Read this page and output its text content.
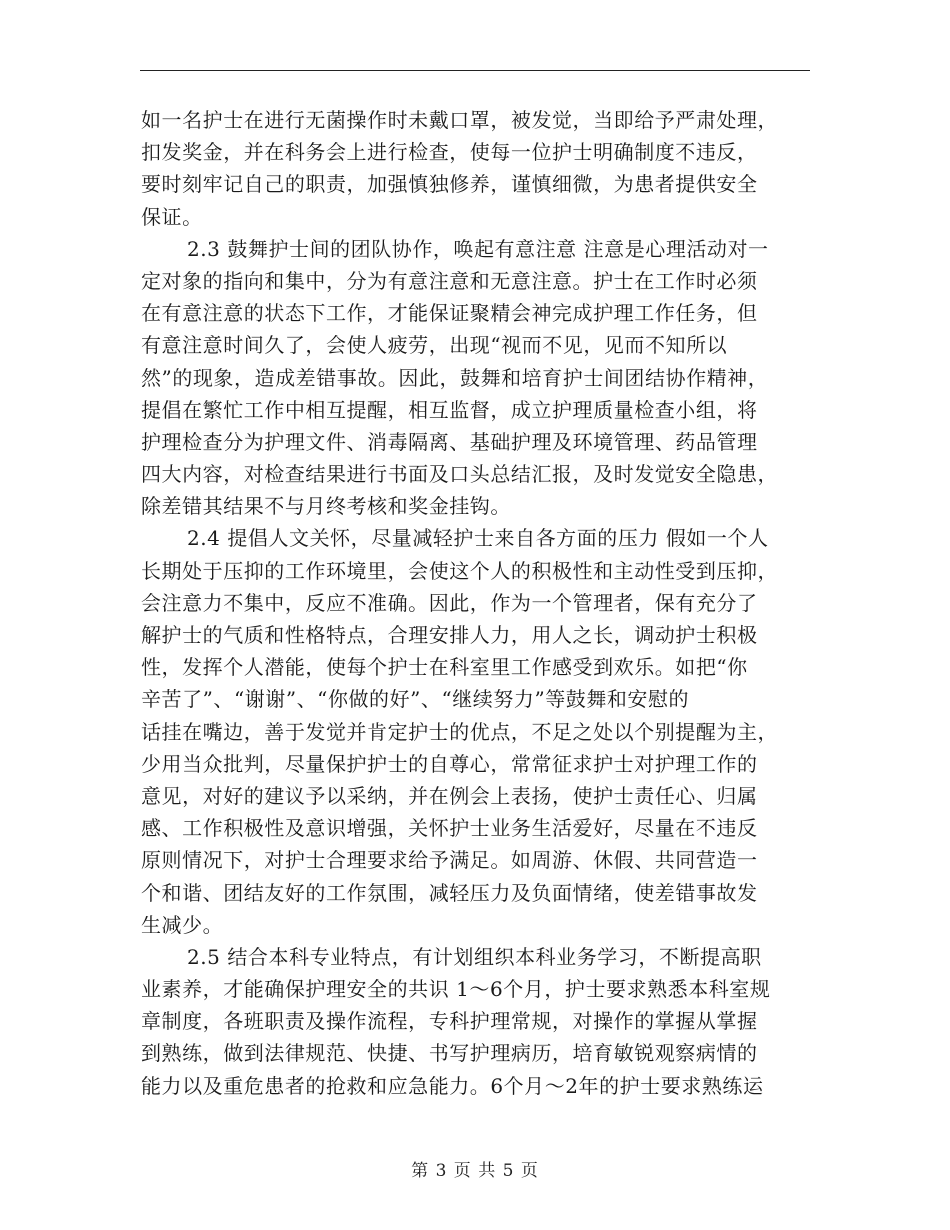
如一名护士在进行无菌操作时未戴口罩，被发觉，当即给予严肃处理，
扣发奖金，并在科务会上进行检查，使每一位护士明确制度不违反，
要时刻牢记自己的职责，加强慎独修养，谨慎细微，为患者提供安全
保证。
2.3 鼓舞护士间的团队协作，唤起有意注意 注意是心理活动对一
定对象的指向和集中，分为有意注意和无意注意。护士在工作时必须
在有意注意的状态下工作，才能保证聚精会神完成护理工作任务，但
有意注意时间久了，会使人疲劳，出现“视而不见，见而不知所以
然”的现象，造成差错事故。因此，鼓舞和培育护士间团结协作精神，
提倡在繁忙工作中相互提醒，相互监督，成立护理质量检查小组，将
护理检查分为护理文件、消毒隔离、基础护理及环境管理、药品管理
四大内容，对检查结果进行书面及口头总结汇报，及时发觉安全隐患，
除差错其结果不与月终考核和奖金挂钩。
2.4 提倡人文关怀，尽量减轻护士来自各方面的压力 假如一个人
长期处于压抑的工作环境里，会使这个人的积极性和主动性受到压抑，
会注意力不集中，反应不准确。因此，作为一个管理者，保有充分了
解护士的气质和性格特点，合理安排人力，用人之长，调动护士积极
性，发挥个人潜能，使每个护士在科室里工作感受到欢乐。如把“你
辛苦了”、“谢谢”、“你做的好”、“继续努力”等鼓舞和安慰的
话挂在嘴边，善于发觉并肯定护士的优点，不足之处以个别提醒为主，
少用当众批判，尽量保护护士的自尊心，常常征求护士对护理工作的
意见，对好的建议予以采纳，并在例会上表扬，使护士责任心、归属
感、工作积极性及意识增强，关怀护士业务生活爱好，尽量在不违反
原则情况下，对护士合理要求给予满足。如周游、休假、共同营造一
个和谐、团结友好的工作氛围，减轻压力及负面情绪，使差错事故发
生减少。
2.5 结合本科专业特点，有计划组织本科业务学习，不断提高职
业素养，才能确保护理安全的共识 1～6个月，护士要求熟悉本科室规
章制度，各班职责及操作流程，专科护理常规，对操作的掌握从掌握
到熟练，做到法律规范、快捷、书写护理病历，培育敏锐观察病情的
能力以及重危患者的抢救和应急能力。6个月～2年的护士要求熟练运
第 3 页 共 5 页
